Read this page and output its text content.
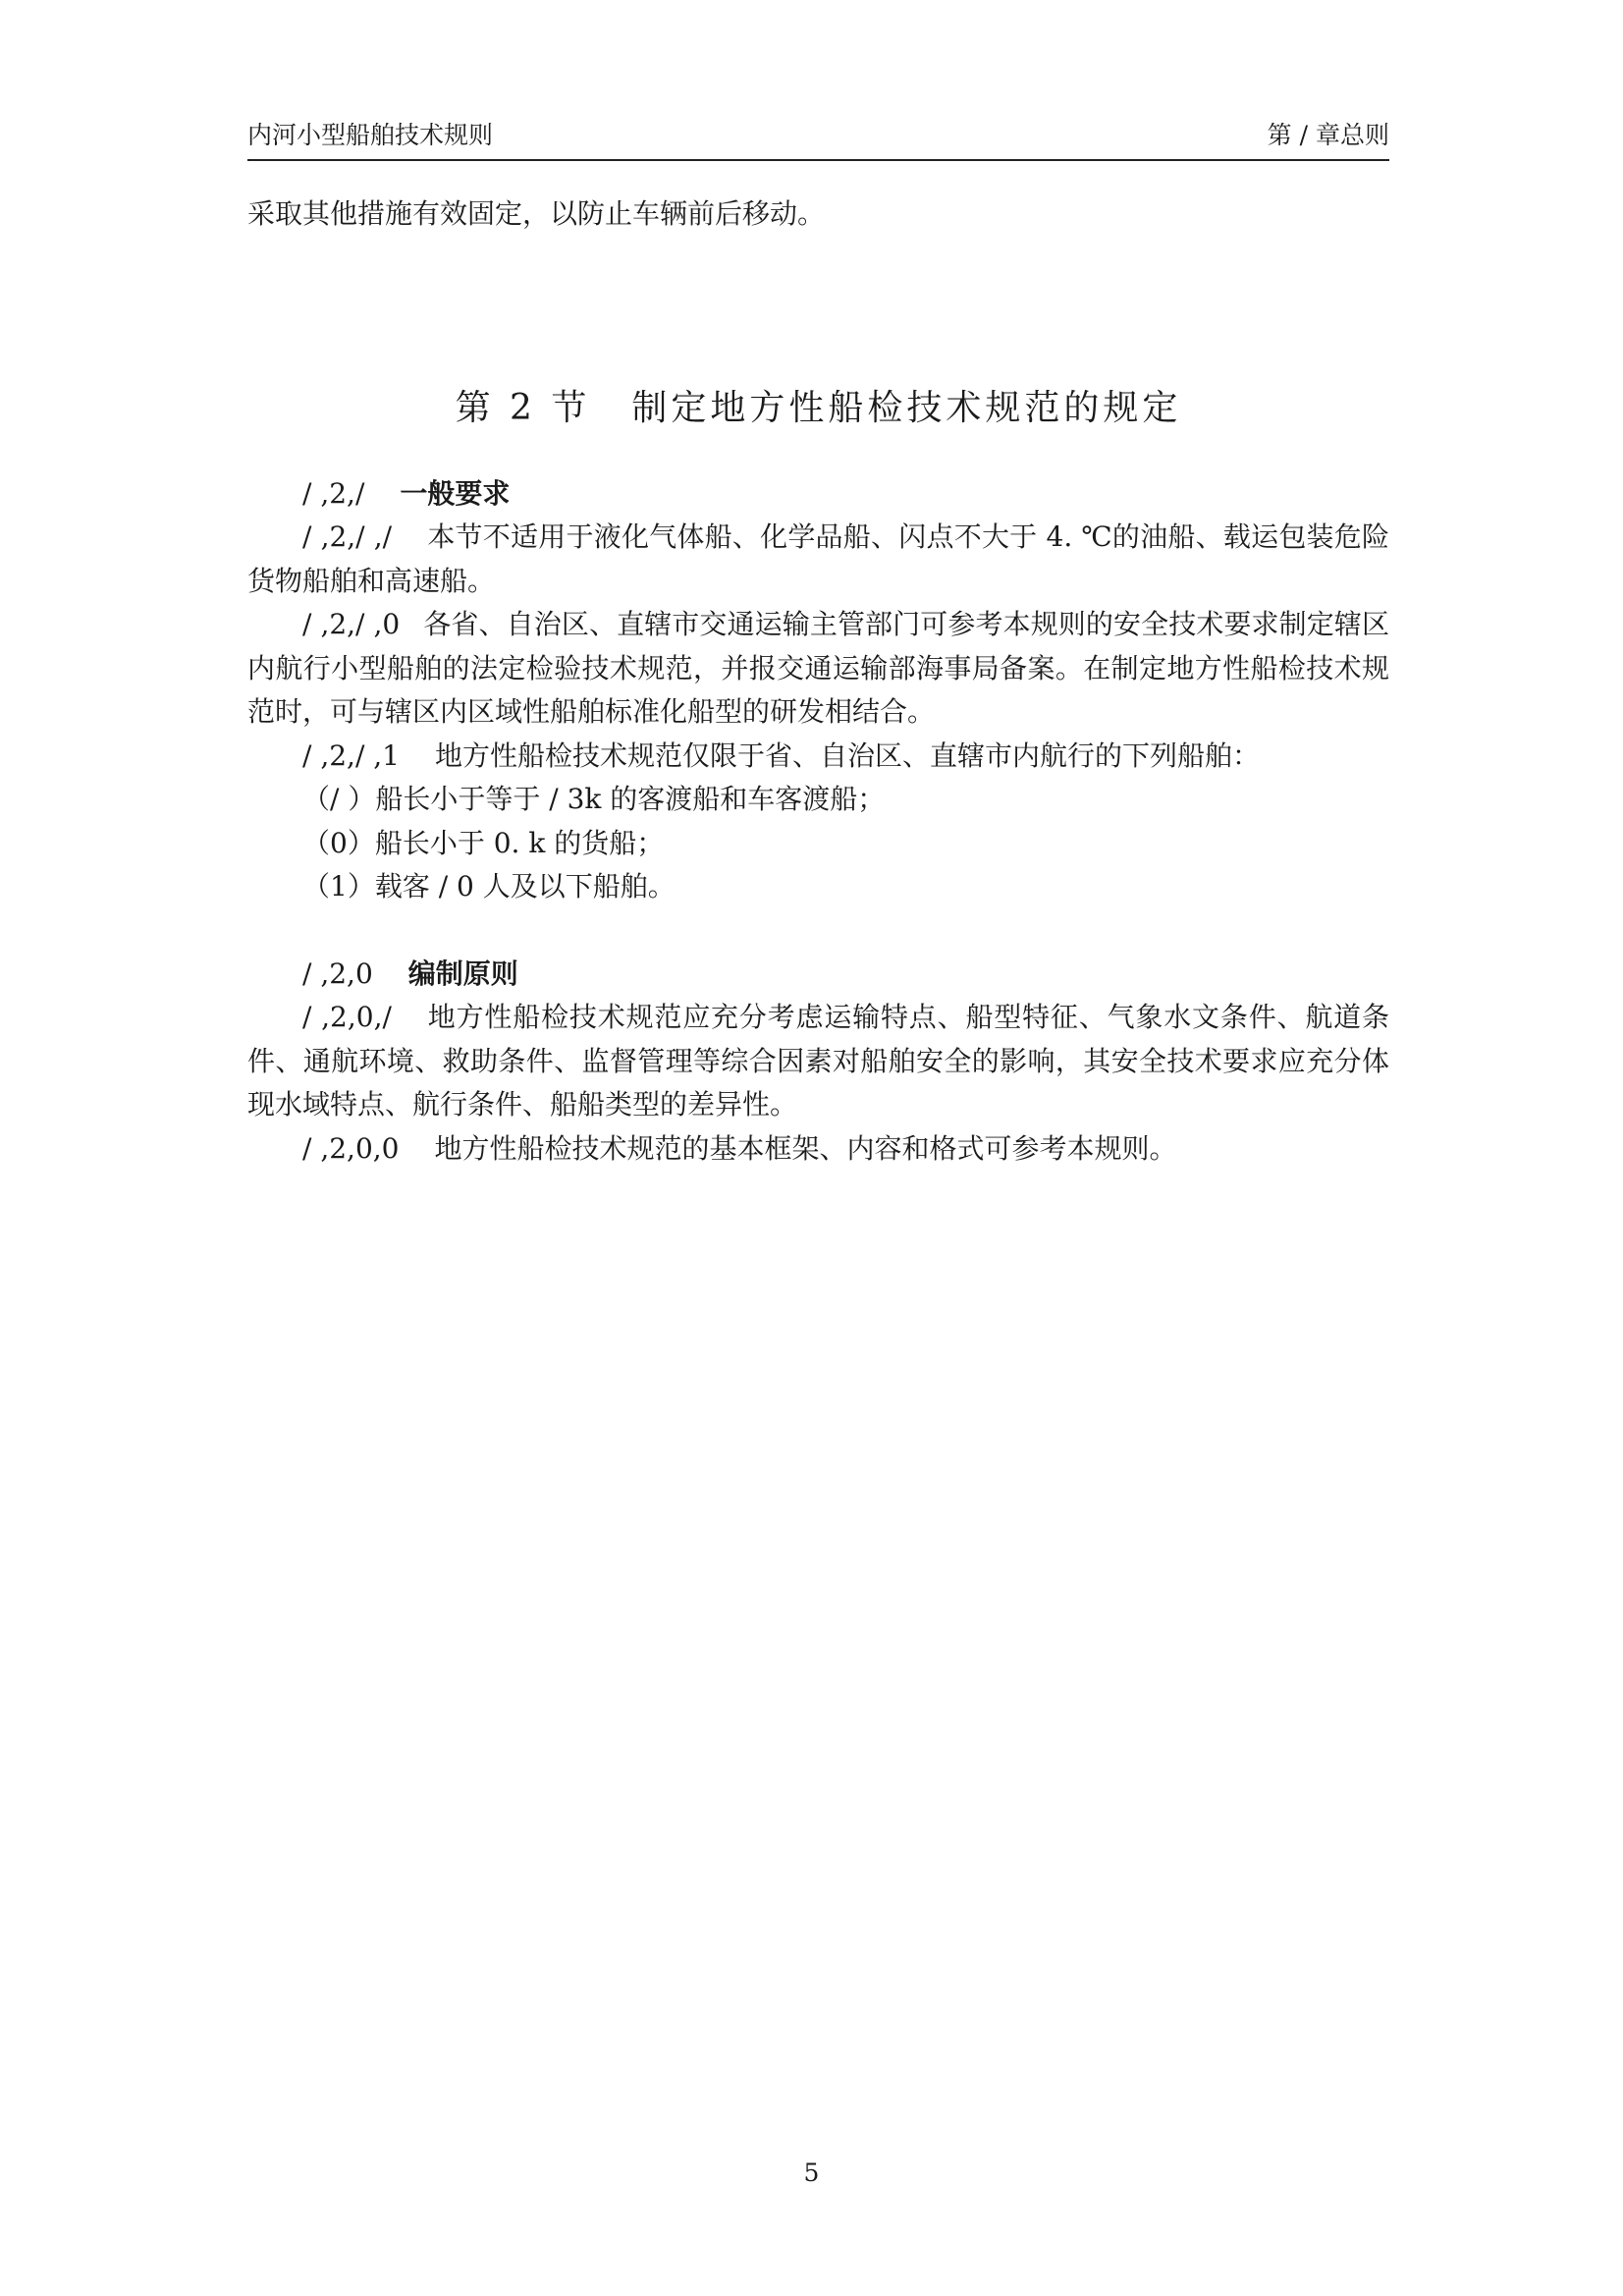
内河小型船舶技术规则	第 / 章总则

采取其他措施有效固定，以防止车辆前后移动。

第 2 节 制定地方性船检技术规范的规定

/ ,2,/ 一般要求

/ ,2,/ ,/ 本节不适用于液化气体船、化学品船、闪点不大于 4. ℃的油船、载运包装危险货物船舶和高速船。

/ ,2,/ ,0 各省、自治区、直辖市交通运输主管部门可参考本规则的安全技术要求制定辖区内航行小型船舶的法定检验技术规范，并报交通运输部海事局备案。在制定地方性船检技术规范时，可与辖区内区域性船舶标准化船型的研发相结合。

/ ,2,/ ,1 地方性船检技术规范仅限于省、自治区、直辖市内航行的下列船舶：

（/ ）船长小于等于 / 3k 的客渡船和车客渡船；

（0）船长小于 0. k 的货船；

（1）载客 / 0 人及以下船舶。

/ ,2,0 编制原则

/ ,2,0,/ 地方性船检技术规范应充分考虑运输特点、船型特征、气象水文条件、航道条件、通航环境、救助条件、监督管理等综合因素对船舶安全的影响，其安全技术要求应充分体现水域特点、航行条件、船船类型的差异性。

/ ,2,0,0 地方性船检技术规范的基本框架、内容和格式可参考本规则。

5
